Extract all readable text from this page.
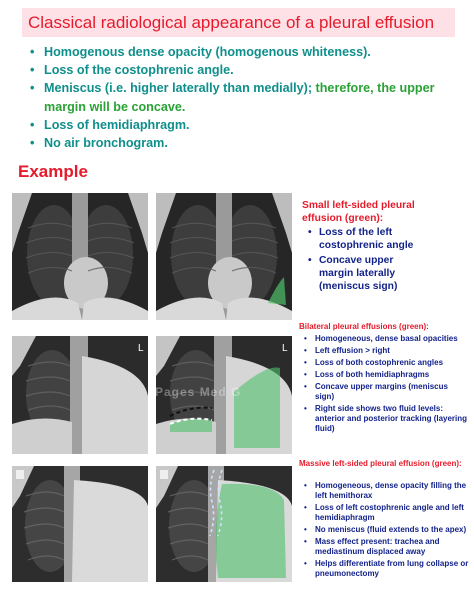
Classical radiological appearance of a pleural effusion
• Homogenous dense opacity (homogenous whiteness).
• Loss of the costophrenic angle.
• Meniscus (i.e. higher laterally than medially); therefore, the upper margin will be concave.
• Loss of hemidiaphragm.
• No air bronchogram.
Example
Small left-sided pleural effusion (green):
• Loss of the left costophrenic angle
• Concave upper margin laterally (meniscus sign)
L	L
Pages Med G
Bilateral pleural effusions (green):
• Homogeneous, dense basal opacities
• Left effusion > right
• Loss of both costophrenic angles
• Loss of both hemidiaphragms
• Concave upper margins (meniscus sign)
• Right side shows two fluid levels: anterior and posterior tracking (layering fluid)
Massive left-sided pleural effusion (green):
• Homogeneous, dense opacity filling the left hemithorax
• Loss of left costophrenic angle and left hemidiaphragm
• No meniscus (fluid extends to the apex)
• Mass effect present: trachea and mediastinum displaced away
• Helps differentiate from lung collapse or pneumonectomy
